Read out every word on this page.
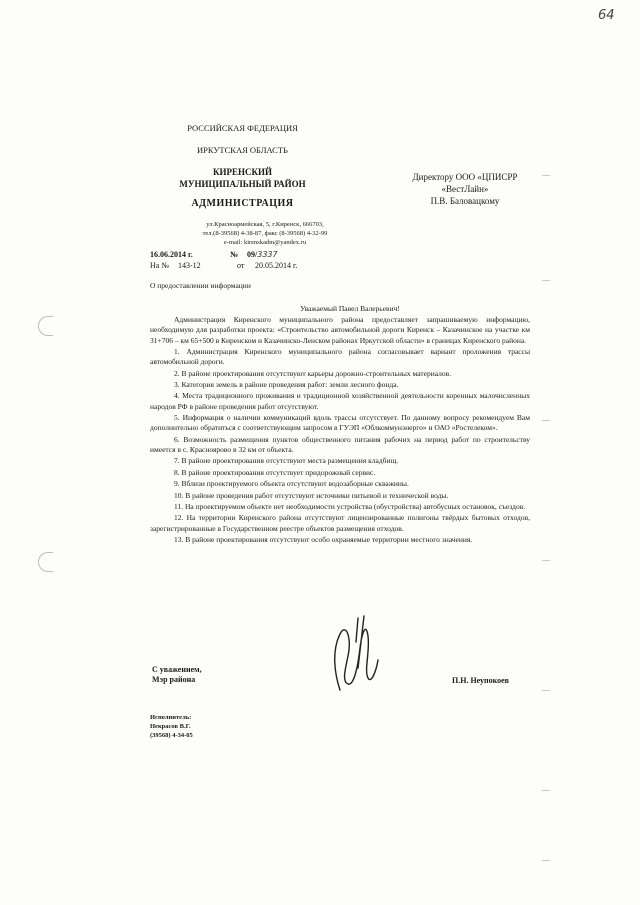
64
РОССИЙСКАЯ ФЕДЕРАЦИЯ
ИРКУТСКАЯ ОБЛАСТЬ
КИРЕНСКИЙ
МУНИЦИПАЛЬНЫЙ РАЙОН
АДМИНИСТРАЦИЯ
ул.Красноармейская, 5, г.Киренск, 666703,
тел.(8-39568) 4-38-87, факс (8-39568) 4-32-99
e-mail: kirenskadm@yandex.ru
16.06.2014 г.	№ 09/3337
На № 143-12	от 20.05.2014 г.
Директору ООО «ЦПИСРР
«ВестЛайн»
П.В. Баловацкому
О предоставлении информации
Уважаемый Павел Валерьевич!

Администрация Киренского муниципального района предоставляет запрашиваемую информацию, необходимую для разработки проекта: «Строительство автомобильной дороги Киренск – Казачинское на участке км 31+706 – км 65+500 в Киренском и Казачинско-Ленском районах Иркутской области» в границах Киренского района.

1. Администрация Киренского муниципального района согласовывает вариант проложения трассы автомобильной дороги.

2. В районе проектирования отсутствуют карьеры дорожно-строительных материалов.

3. Категория земель в районе проведения работ: земли лесного фонда.

4. Места традиционного проживания и традиционной хозяйственной деятельности коренных малочисленных народов РФ в районе проведения работ отсутствуют.

5. Информация о наличии коммуникаций вдоль трассы отсутствует. По данному вопросу рекомендуем Вам дополнительно обратиться с соответствующим запросом в ГУЭП «Облкоммунэнерго» и ОАО «Ростелеком».

6. Возможность размещения пунктов общественного питания рабочих на период работ по строительству имеется в с. Красноярово в 32 км от объекта.

7. В районе проектирования отсутствуют места размещения кладбищ.

8. В районе проектирования отсутствует придорожный сервис.

9. Вблизи проектируемого объекта отсутствуют водозаборные скважины.

10. В районе проведения работ отсутствуют источники питьевой и технической воды.

11. На проектируемом объекте нет необходимости устройства (обустройства) автобусных остановок, съездов.

12. На территории Киренского района отсутствуют лицензированные полигоны твёрдых бытовых отходов, зарегистрированные в Государственном реестре объектов размещения отходов.

13. В районе проектирования отсутствуют особо охраняемые территории местного значения.

С уважением,
Мэр района	П.Н. Неупокоев
Исполнитель:
Некрасов В.Г.
(39568) 4-34-05
